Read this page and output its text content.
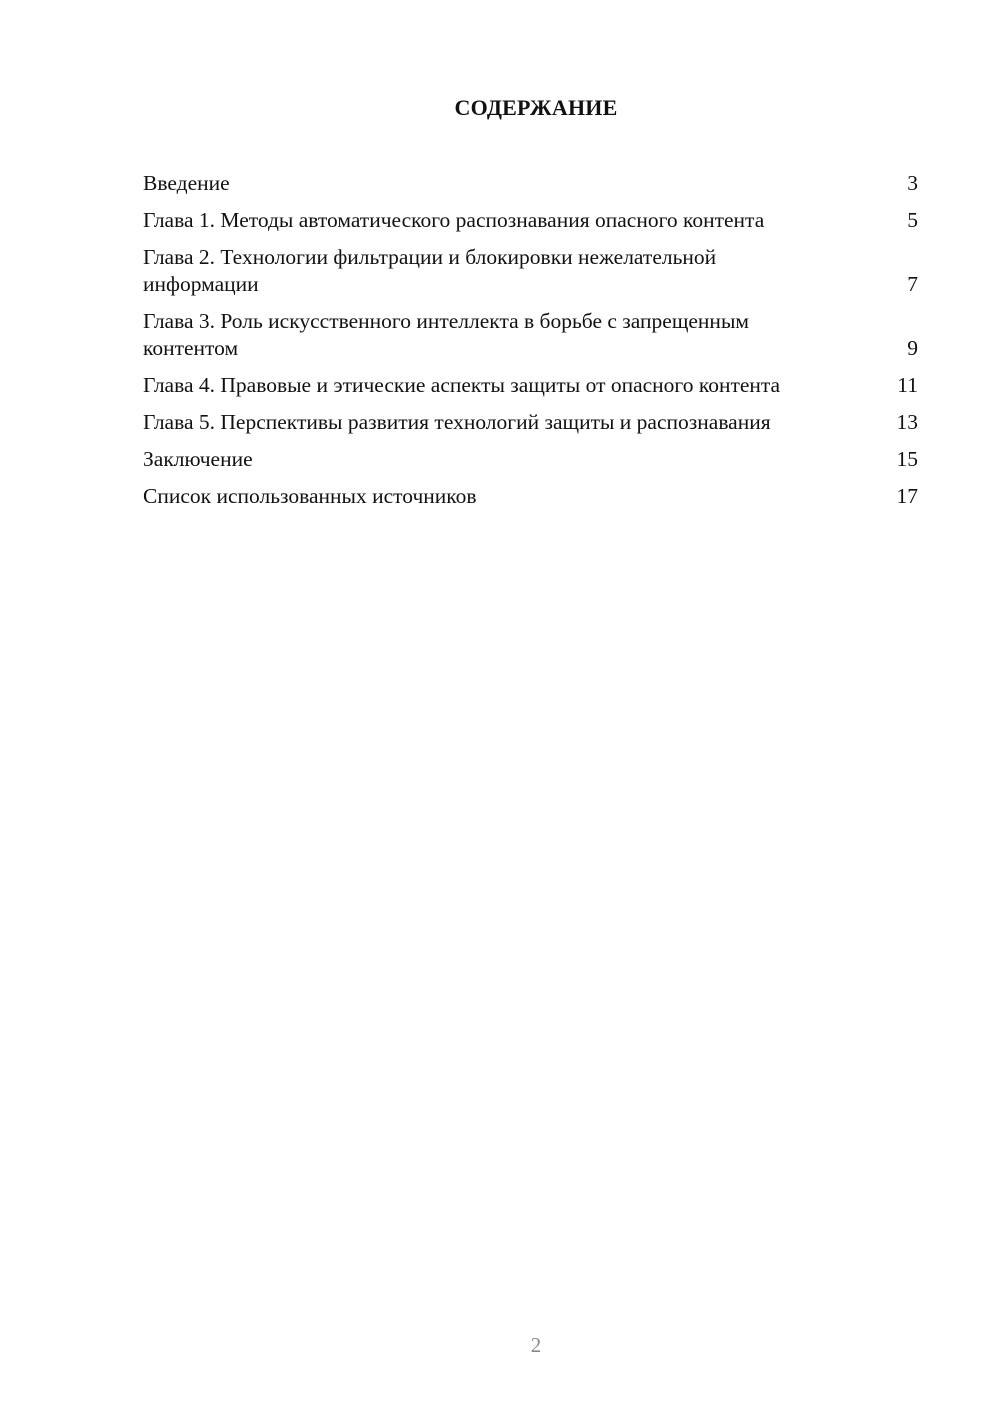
СОДЕРЖАНИЕ
Введение	3
Глава 1. Методы автоматического распознавания опасного контента	5
Глава 2. Технологии фильтрации и блокировки нежелательной информации	7
Глава 3. Роль искусственного интеллекта в борьбе с запрещенным контентом	9
Глава 4. Правовые и этические аспекты защиты от опасного контента	11
Глава 5. Перспективы развития технологий защиты и распознавания	13
Заключение	15
Список использованных источников	17
2
